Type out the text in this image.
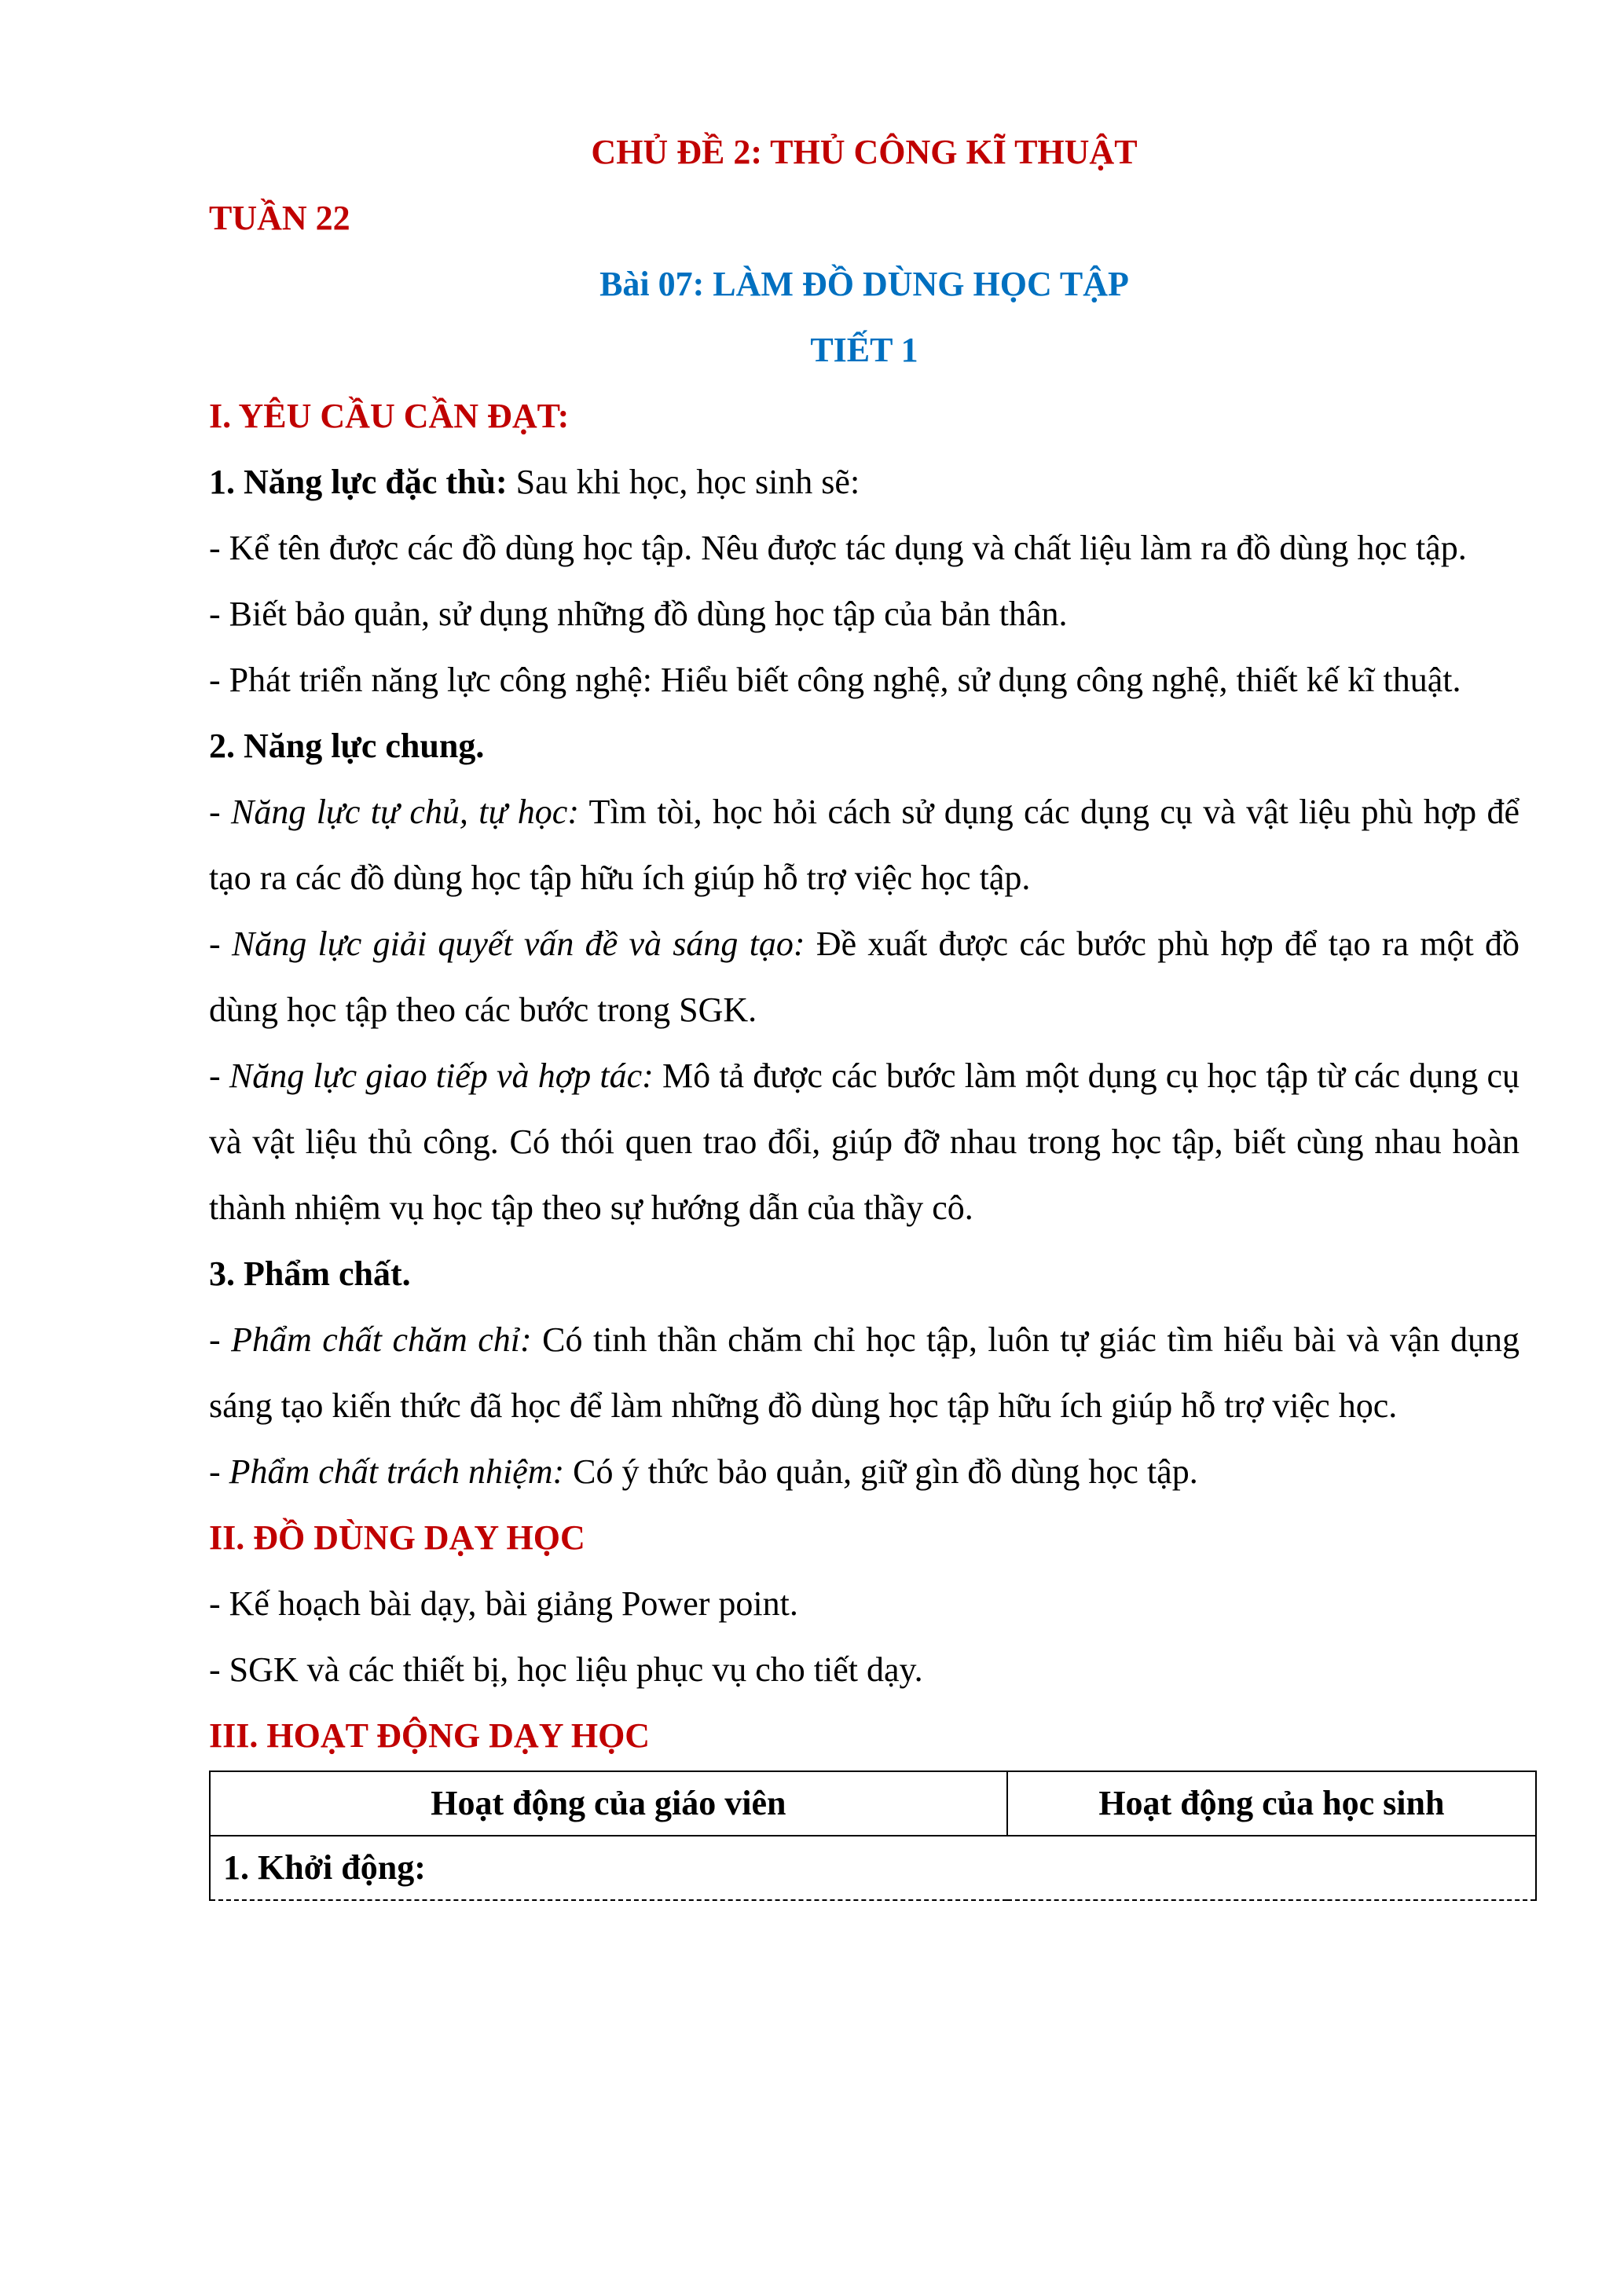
CHỦ ĐỀ 2: THỦ CÔNG KĨ THUẬT

TUẦN 22

Bài 07: LÀM ĐỒ DÙNG HỌC TẬP

TIẾT 1

I. YÊU CẦU CẦN ĐẠT:

1. Năng lực đặc thù: Sau khi học, học sinh sẽ:

- Kể tên được các đồ dùng học tập. Nêu được tác dụng và chất liệu làm ra đồ dùng học tập.

- Biết bảo quản, sử dụng những đồ dùng học tập của bản thân.

- Phát triển năng lực công nghệ: Hiểu biết công nghệ, sử dụng công nghệ, thiết kế kĩ thuật.

2. Năng lực chung.

- Năng lực tự chủ, tự học: Tìm tòi, học hỏi cách sử dụng các dụng cụ và vật liệu phù hợp để tạo ra các đồ dùng học tập hữu ích giúp hỗ trợ việc học tập.

- Năng lực giải quyết vấn đề và sáng tạo: Đề xuất được các bước phù hợp để tạo ra một đồ dùng học tập theo các bước trong SGK.

- Năng lực giao tiếp và hợp tác: Mô tả được các bước làm một dụng cụ học tập từ các dụng cụ và vật liệu thủ công. Có thói quen trao đổi, giúp đỡ nhau trong học tập, biết cùng nhau hoàn thành nhiệm vụ học tập theo sự hướng dẫn của thầy cô.

3. Phẩm chất.

- Phẩm chất chăm chỉ: Có tinh thần chăm chỉ học tập, luôn tự giác tìm hiểu bài và vận dụng sáng tạo kiến thức đã học để làm những đồ dùng học tập hữu ích giúp hỗ trợ việc học.

- Phẩm chất trách nhiệm: Có ý thức bảo quản, giữ gìn đồ dùng học tập.

II. ĐỒ DÙNG DẠY HỌC

- Kế hoạch bài dạy, bài giảng Power point.

- SGK và các thiết bị, học liệu phục vụ cho tiết dạy.

III. HOẠT ĐỘNG DẠY HỌC

Hoạt động của giáo viên	Hoạt động của học sinh
1. Khởi động:
